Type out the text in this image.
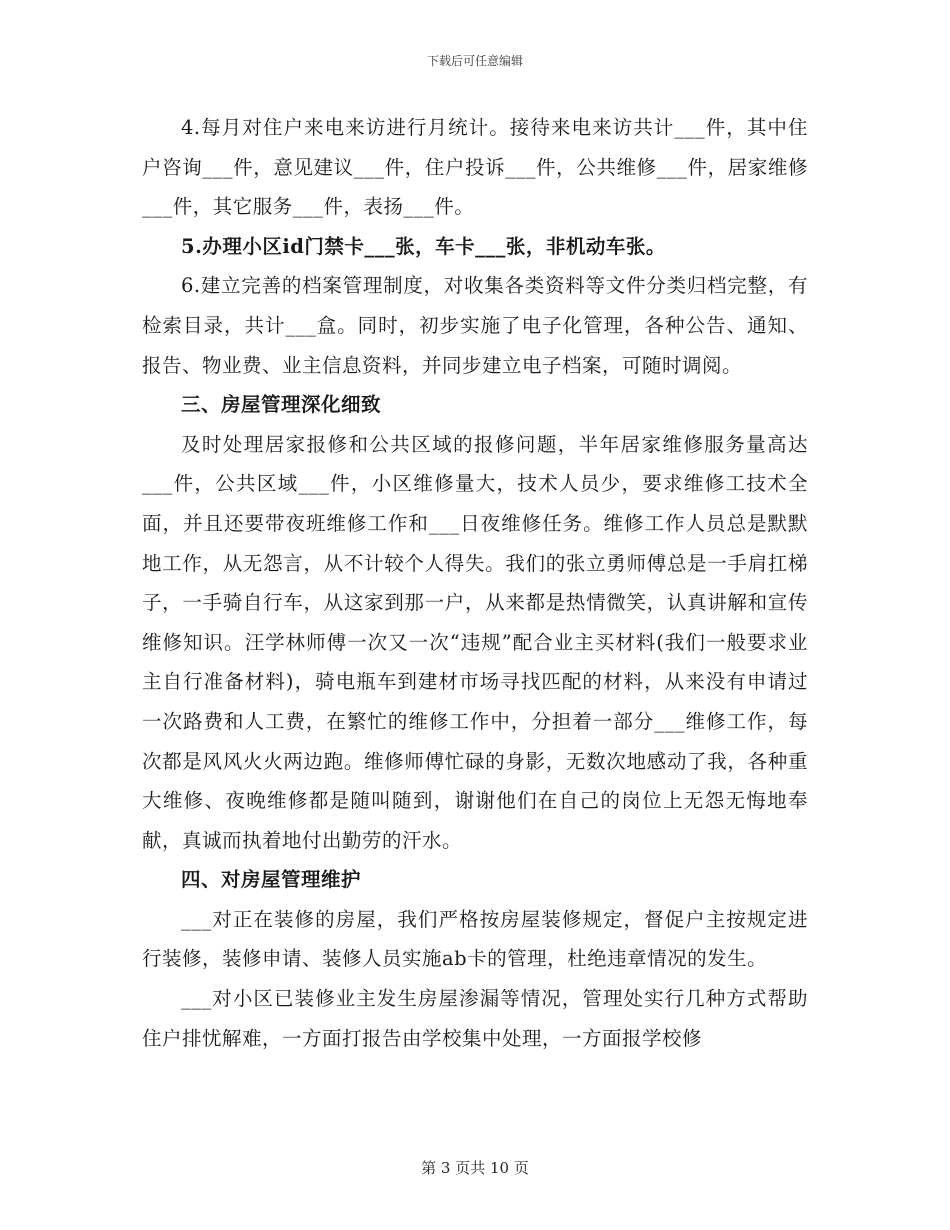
下载后可任意编辑

4.每月对住户来电来访进行月统计。接待来电来访共计___件，其中住户咨询___件，意见建议___件，住户投诉___件，公共维修___件，居家维修___件，其它服务___件，表扬___件。

5.办理小区id门禁卡___张，车卡___张，非机动车张。

6.建立完善的档案管理制度，对收集各类资料等文件分类归档完整，有检索目录，共计___盒。同时，初步实施了电子化管理，各种公告、通知、报告、物业费、业主信息资料，并同步建立电子档案，可随时调阅。

三、房屋管理深化细致

及时处理居家报修和公共区域的报修问题，半年居家维修服务量高达___件，公共区域___件，小区维修量大，技术人员少，要求维修工技术全面，并且还要带夜班维修工作和___日夜维修任务。维修工作人员总是默默地工作，从无怨言，从不计较个人得失。我们的张立勇师傅总是一手肩扛梯子，一手骑自行车，从这家到那一户，从来都是热情微笑，认真讲解和宣传维修知识。汪学林师傅一次又一次“违规”配合业主买材料(我们一般要求业主自行准备材料)，骑电瓶车到建材市场寻找匹配的材料，从来没有申请过一次路费和人工费，在繁忙的维修工作中，分担着一部分___维修工作，每次都是风风火火两边跑。维修师傅忙碌的身影，无数次地感动了我，各种重大维修、夜晚维修都是随叫随到，谢谢他们在自己的岗位上无怨无悔地奉献，真诚而执着地付出勤劳的汗水。

四、对房屋管理维护

___对正在装修的房屋，我们严格按房屋装修规定，督促户主按规定进行装修，装修申请、装修人员实施ab卡的管理，杜绝违章情况的发生。

___对小区已装修业主发生房屋渗漏等情况，管理处实行几种方式帮助住户排忧解难，一方面打报告由学校集中处理，一方面报学校修

第 3 页共 10 页
